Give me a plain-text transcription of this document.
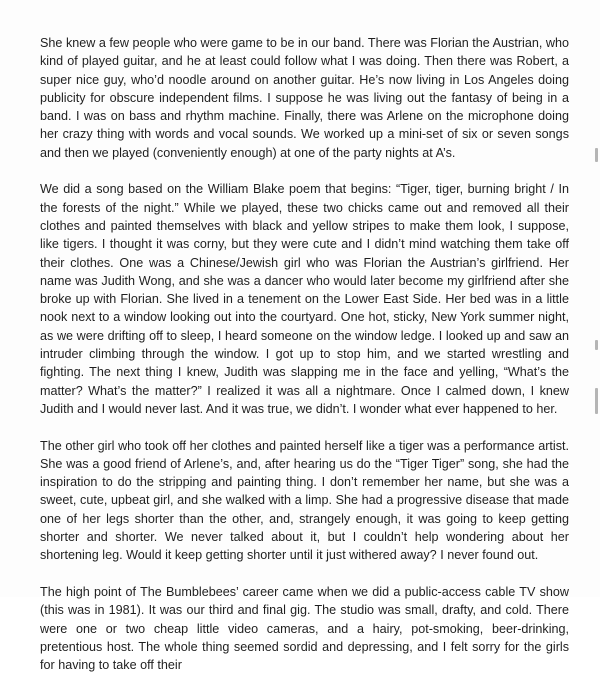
She knew a few people who were game to be in our band. There was Florian the Austrian, who kind of played guitar, and he at least could follow what I was doing. Then there was Robert, a super nice guy, who’d noodle around on another guitar. He’s now living in Los Angeles doing publicity for obscure independent films. I suppose he was living out the fantasy of being in a band. I was on bass and rhythm machine. Finally, there was Arlene on the microphone doing her crazy thing with words and vocal sounds. We worked up a mini-set of six or seven songs and then we played (conveniently enough) at one of the party nights at A’s.

We did a song based on the William Blake poem that begins: “Tiger, tiger, burning bright / In the forests of the night.” While we played, these two chicks came out and removed all their clothes and painted themselves with black and yellow stripes to make them look, I suppose, like tigers. I thought it was corny, but they were cute and I didn’t mind watching them take off their clothes. One was a Chinese/Jewish girl who was Florian the Austrian’s girlfriend. Her name was Judith Wong, and she was a dancer who would later become my girlfriend after she broke up with Florian. She lived in a tenement on the Lower East Side. Her bed was in a little nook next to a window looking out into the courtyard. One hot, sticky, New York summer night, as we were drifting off to sleep, I heard someone on the window ledge. I looked up and saw an intruder climbing through the window. I got up to stop him, and we started wrestling and fighting. The next thing I knew, Judith was slapping me in the face and yelling, “What’s the matter? What’s the matter?” I realized it was all a nightmare. Once I calmed down, I knew Judith and I would never last. And it was true, we didn’t. I wonder what ever happened to her.

The other girl who took off her clothes and painted herself like a tiger was a performance artist. She was a good friend of Arlene’s, and, after hearing us do the “Tiger Tiger” song, she had the inspiration to do the stripping and painting thing. I don’t remember her name, but she was a sweet, cute, upbeat girl, and she walked with a limp. She had a progressive disease that made one of her legs shorter than the other, and, strangely enough, it was going to keep getting shorter and shorter. We never talked about it, but I couldn’t help wondering about her shortening leg. Would it keep getting shorter until it just withered away? I never found out.

The high point of The Bumblebees’ career came when we did a public-access cable TV show (this was in 1981). It was our third and final gig. The studio was small, drafty, and cold. There were one or two cheap little video cameras, and a hairy, pot-smoking, beer-drinking, pretentious host. The whole thing seemed sordid and depressing, and I felt sorry for the girls for having to take off their
